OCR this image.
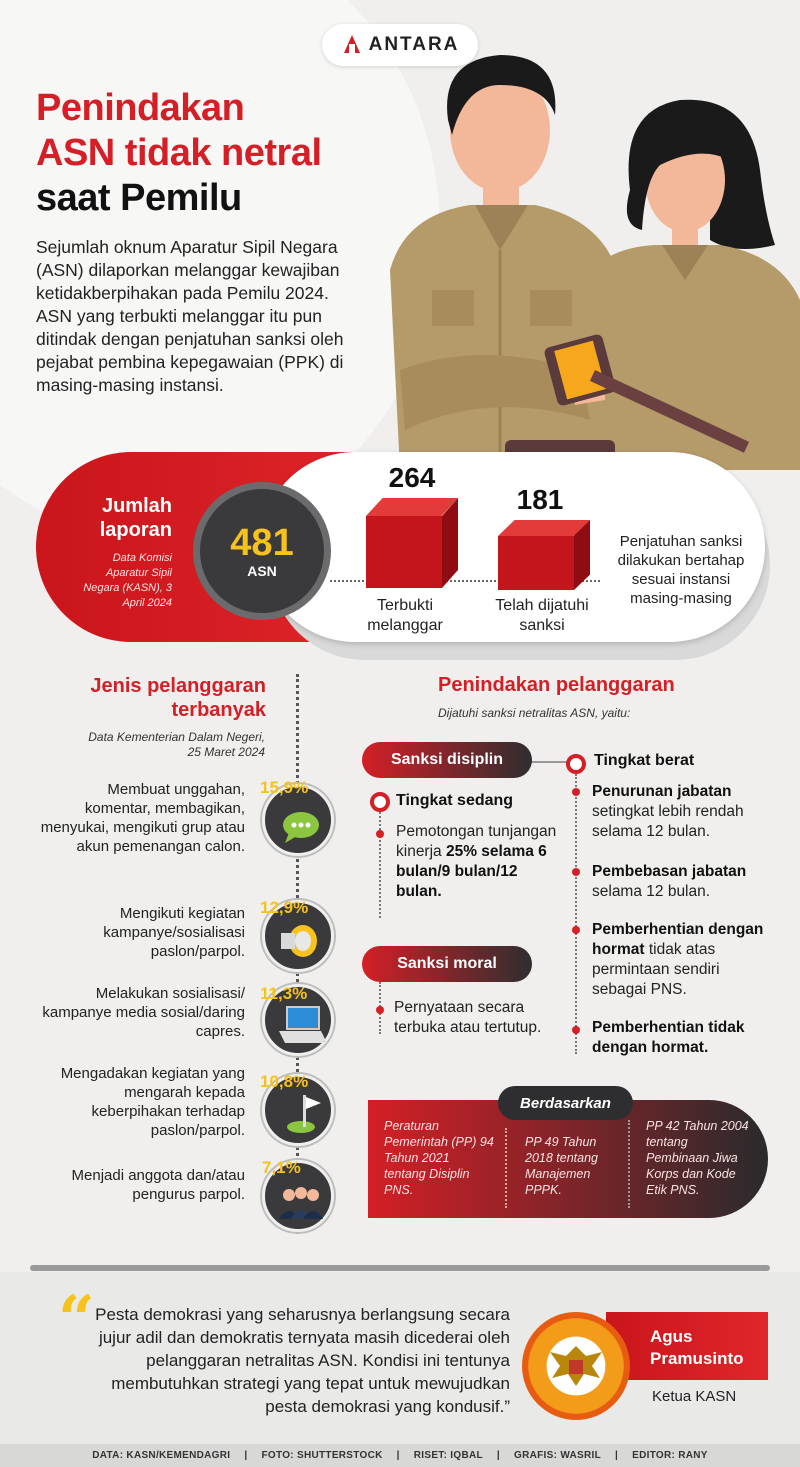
ANTARA
Penindakan
ASN tidak netral
saat Pemilu

Sejumlah oknum Aparatur Sipil Negara (ASN) dilaporkan melanggar kewajiban ketidakberpihakan pada Pemilu 2024. ASN yang terbukti melanggar itu pun ditindak dengan penjatuhan sanksi oleh pejabat pembina kepegawaian (PPK) di masing-masing instansi.

Jumlah laporan
Data Komisi Aparatur Sipil Negara (KASN), 3 April 2024
481
ASN
264
Terbukti melanggar
181
Telah dijatuhi sanksi
Penjatuhan sanksi dilakukan bertahap sesuai instansi masing-masing
Jenis pelanggaran terbanyak
Data Kementerian Dalam Negeri, 25 Maret 2024
Membuat unggahan, komentar, membagikan, menyukai, mengikuti grup atau akun pemenangan calon.
15,9%
Mengikuti kegiatan kampanye/sosialisasi paslon/parpol.
12,9%
Melakukan sosialisasi/ kampanye media sosial/daring capres.
11,3%
Mengadakan kegiatan yang mengarah kepada keberpihakan terhadap paslon/parpol.
10,8%
Menjadi anggota dan/atau pengurus parpol.
7,1%
Penindakan pelanggaran
Dijatuhi sanksi netralitas ASN, yaitu:
Sanksi disiplin
Tingkat sedang
Pemotongan tunjangan kinerja 25% selama 6 bulan/9 bulan/12 bulan.
Sanksi moral
Pernyataan secara terbuka atau tertutup.
Tingkat berat
Penurunan jabatan setingkat lebih rendah selama 12 bulan.
Pembebasan jabatan selama 12 bulan.
Pemberhentian dengan hormat tidak atas permintaan sendiri sebagai PNS.
Pemberhentian tidak dengan hormat.
Berdasarkan
Peraturan Pemerintah (PP) 94 Tahun 2021 tentang Disiplin PNS.
PP 49 Tahun 2018 tentang Manajemen PPPK.
PP 42 Tahun 2004 tentang Pembinaan Jiwa Korps dan Kode Etik PNS.
“ Pesta demokrasi yang seharusnya berlangsung secara jujur adil dan demokratis ternyata masih dicederai oleh pelanggaran netralitas ASN. Kondisi ini tentunya membutuhkan strategi yang tepat untuk mewujudkan pesta demokrasi yang kondusif.”

Agus Pramusinto
Ketua KASN
DATA: KASN/KEMENDAGRI | FOTO: SHUTTERSTOCK | RISET: IQBAL | GRAFIS: WASRIL | EDITOR: RANY
